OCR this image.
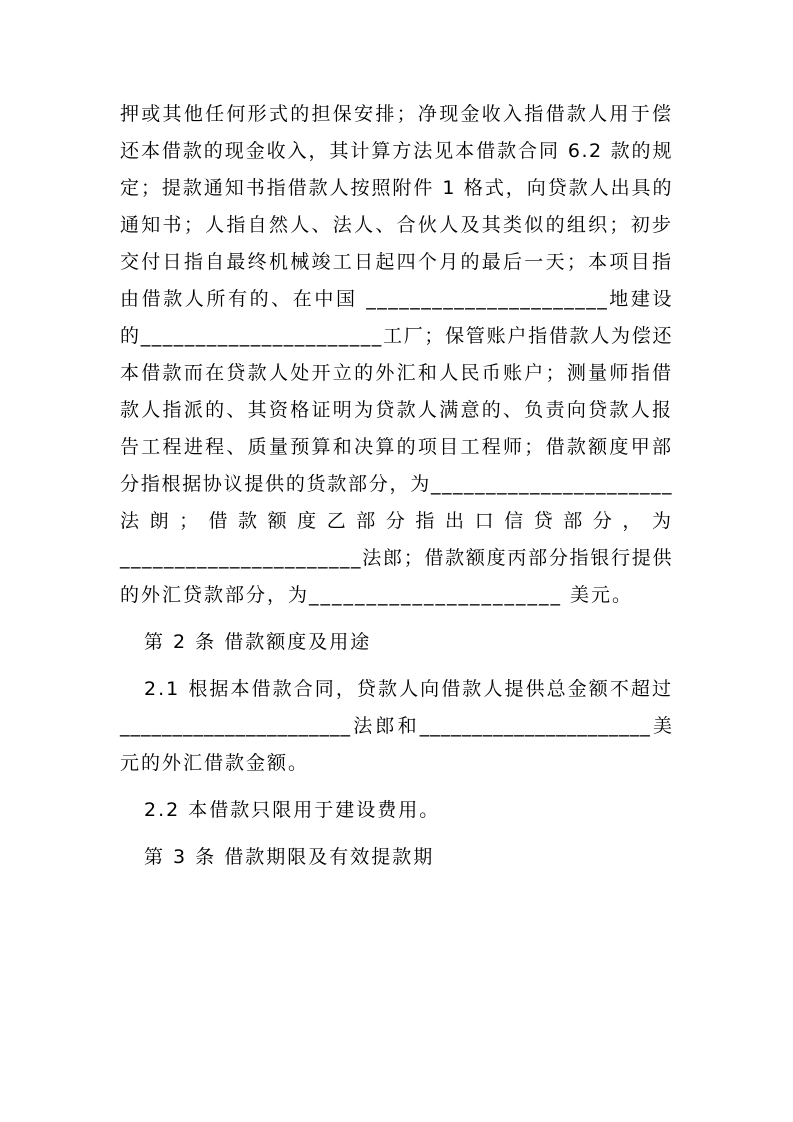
押或其他任何形式的担保安排；净现金收入指借款人用于偿
还本借款的现金收入，其计算方法见本借款合同 6.2 款的规
定；提款通知书指借款人按照附件 1 格式，向贷款人出具的
通知书；人指自然人、法人、合伙人及其类似的组织；初步
交付日指自最终机械竣工日起四个月的最后一天；本项目指
由借款人所有的、在中国 ______________________地建设
的______________________工厂；保管账户指借款人为偿还
本借款而在贷款人处开立的外汇和人民币账户；测量师指借
款人指派的、其资格证明为贷款人满意的、负责向贷款人报
告工程进程、质量预算和决算的项目工程师；借款额度甲部
分指根据协议提供的货款部分，为______________________
法 朗 ； 借 款 额 度 乙 部 分 指 出 口 信 贷 部 分 ， 为
______________________法郎；借款额度丙部分指银行提供
的外汇贷款部分，为______________________ 美元。
第 2 条 借款额度及用途
2.1 根据本借款合同，贷款人向借款人提供总金额不超过
______________________法郎和______________________美
元的外汇借款金额。
2.2 本借款只限用于建设费用。
第 3 条 借款期限及有效提款期
